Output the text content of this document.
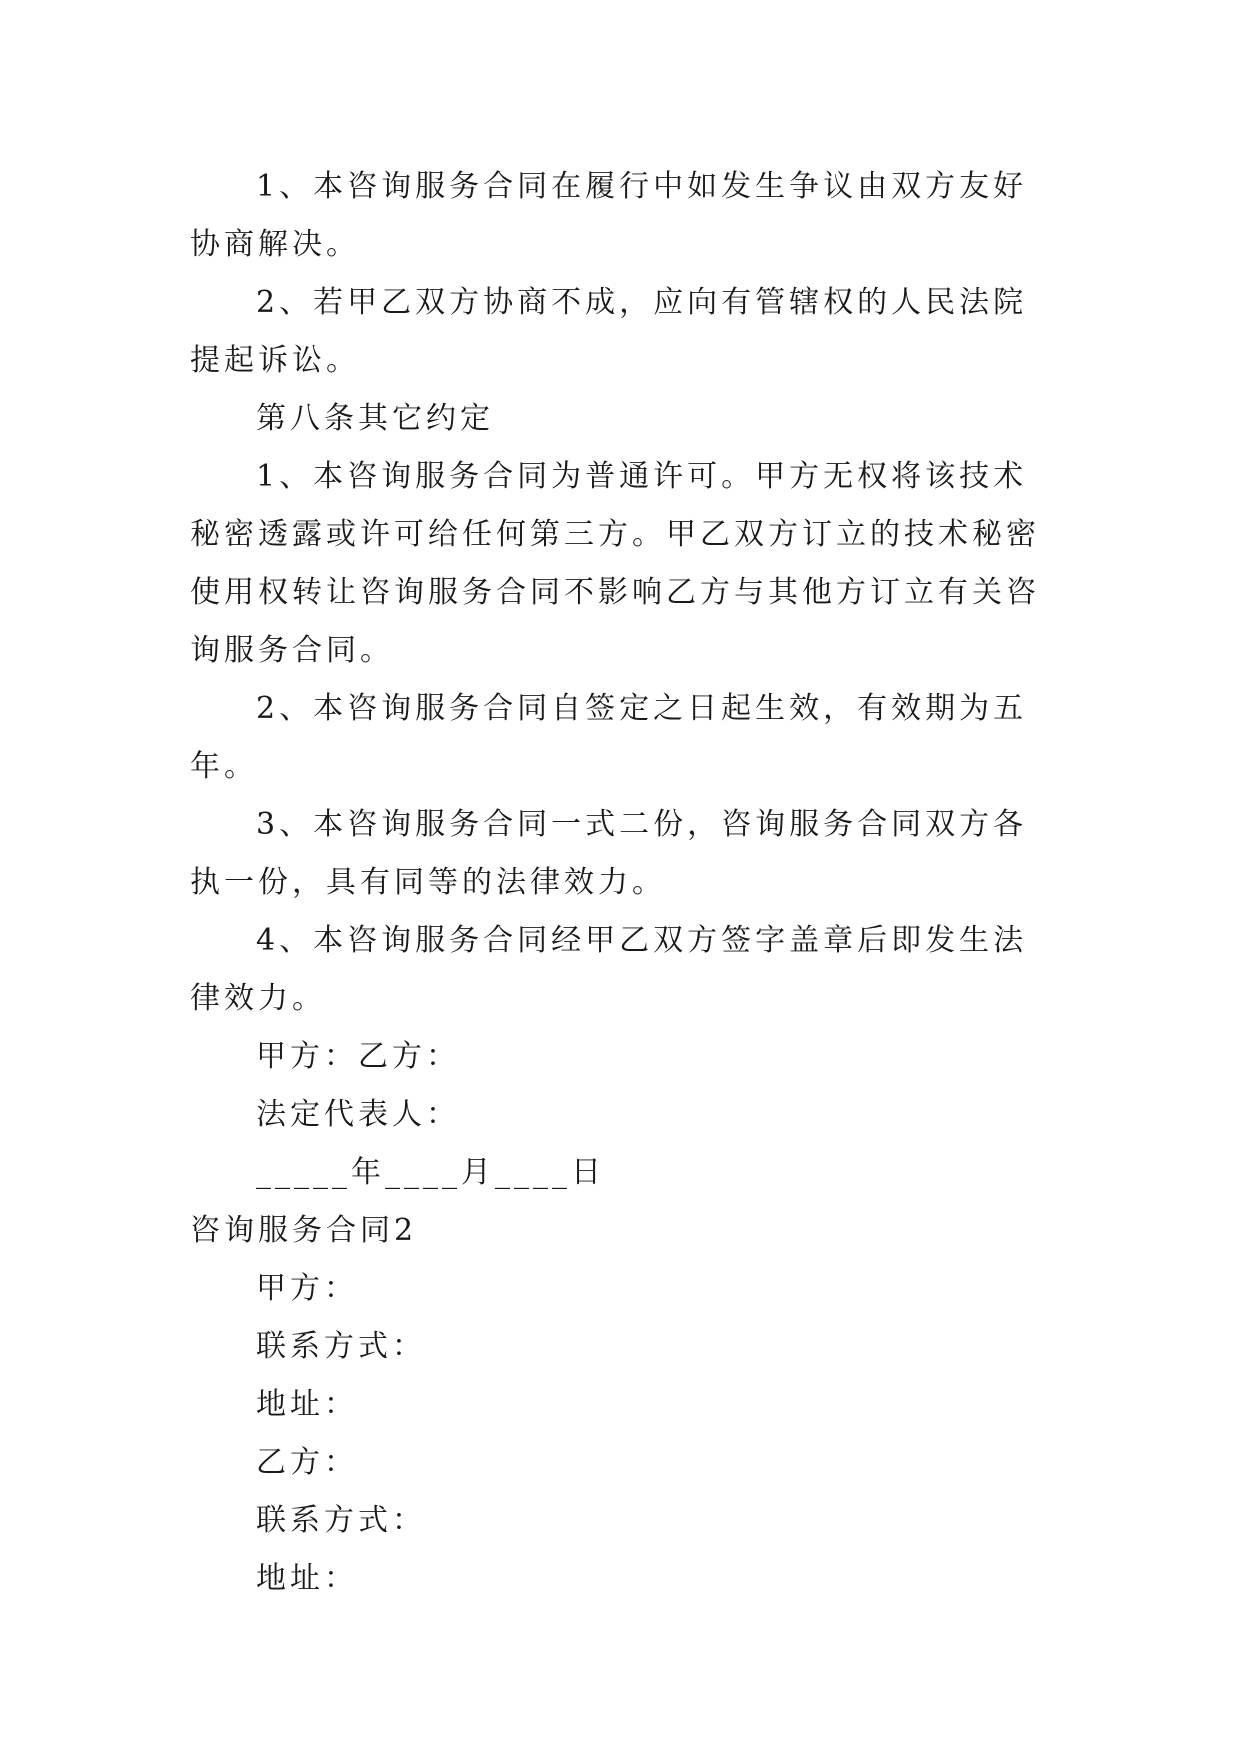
1、本咨询服务合同在履行中如发生争议由双方友好协商解决。

2、若甲乙双方协商不成，应向有管辖权的人民法院提起诉讼。

第八条其它约定

1、本咨询服务合同为普通许可。甲方无权将该技术秘密透露或许可给任何第三方。甲乙双方订立的技术秘密使用权转让咨询服务合同不影响乙方与其他方订立有关咨询服务合同。

2、本咨询服务合同自签定之日起生效，有效期为五年。

3、本咨询服务合同一式二份，咨询服务合同双方各执一份，具有同等的法律效力。

4、本咨询服务合同经甲乙双方签字盖章后即发生法律效力。

甲方：乙方：

法定代表人：

_____年____月____日

咨询服务合同2

甲方：

联系方式：

地址：

乙方：

联系方式：

地址：
